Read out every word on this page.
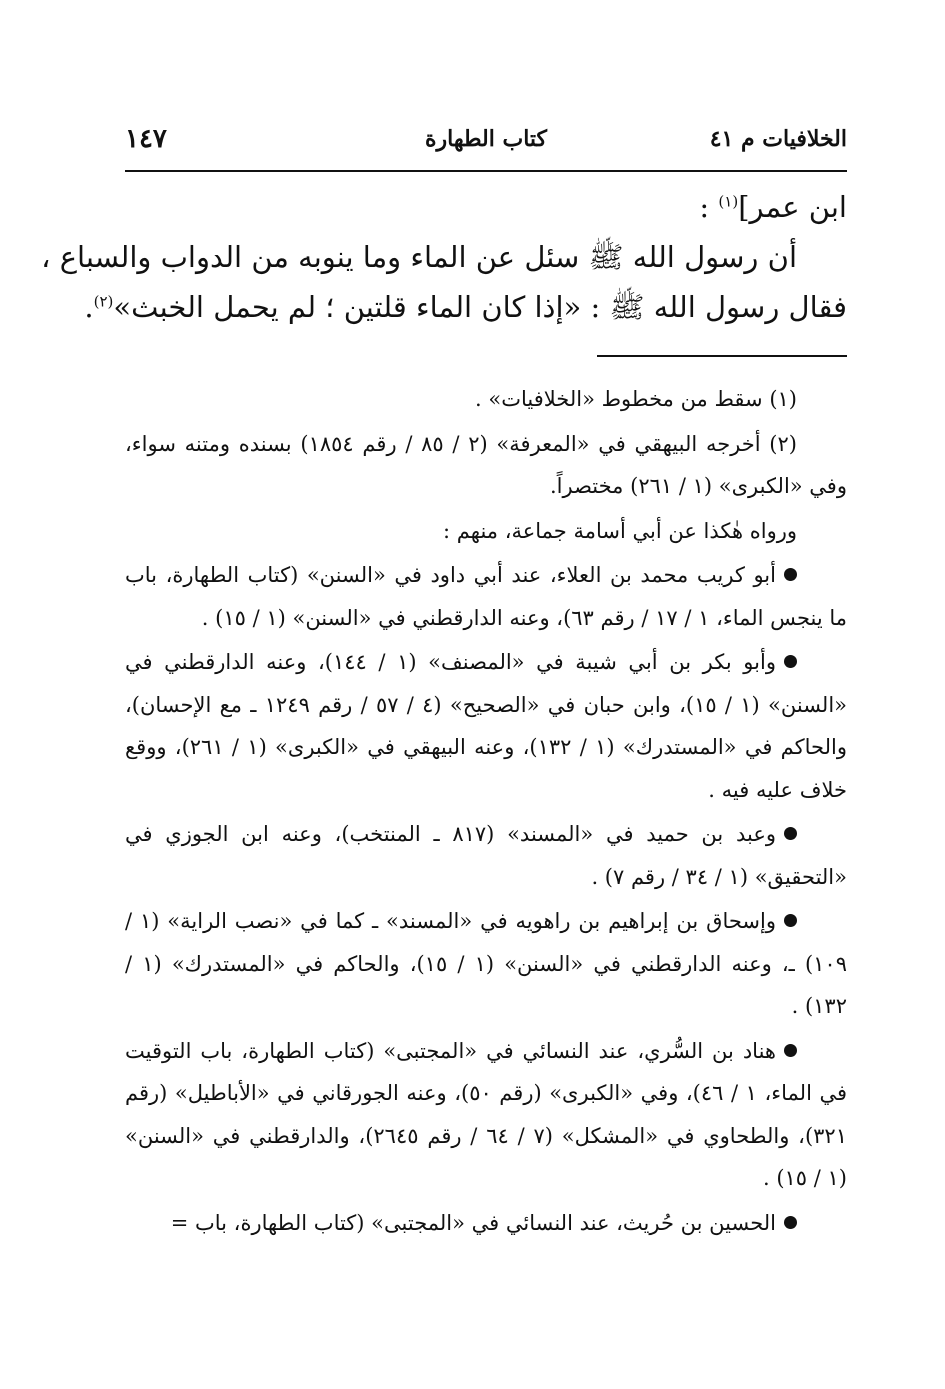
الخلافيات م ٤١
كتاب الطهارة
١٤٧
ابن عمر]$^{(١)}$ :
أن رسول الله ﷺ سئل عن الماء وما ينوبه من الدواب والسباع ،
فقال رسول الله ﷺ : «إذا كان الماء قلتين ؛ لم يحمل الخبث»$^{(٢)}$.

(١) سقط من مخطوط «الخلافيات» .

(٢) أخرجه البيهقي في «المعرفة» (٢ / ٨٥ / رقم ١٨٥٤) بسنده ومتنه سواء، وفي «الكبرى» (١ / ٢٦١) مختصراً.

ورواه هٰكذا عن أبي أسامة جماعة، منهم :

أبو كريب محمد بن العلاء، عند أبي داود في «السنن» (كتاب الطهارة، باب ما ينجس الماء، ١ / ١٧ / رقم ٦٣)، وعنه الدارقطني في «السنن» (١ / ١٥) .

وأبو بكر بن أبي شيبة في «المصنف» (١ / ١٤٤)، وعنه الدارقطني في «السنن» (١ / ١٥)، وابن حبان في «الصحيح» (٤ / ٥٧ / رقم ١٢٤٩ ـ مع الإحسان)، والحاكم في «المستدرك» (١ / ١٣٢)، وعنه البيهقي في «الكبرى» (١ / ٢٦١)، ووقع خلاف عليه فيه .

وعبد بن حميد في «المسند» (٨١٧ ـ المنتخب)، وعنه ابن الجوزي في «التحقيق» (١ / ٣٤ / رقم ٧) .

وإسحاق بن إبراهيم بن راهويه في «المسند» ـ كما في «نصب الراية» (١ / ١٠٩) ـ، وعنه الدارقطني في «السنن» (١ / ١٥)، والحاكم في «المستدرك» (١ / ١٣٢) .

هناد بن السُّري، عند النسائي في «المجتبى» (كتاب الطهارة، باب التوقيت في الماء، ١ / ٤٦)، وفي «الكبرى» (رقم ٥٠)، وعنه الجورقاني في «الأباطيل» (رقم ٣٢١)، والطحاوي في «المشكل» (٧ / ٦٤ / رقم ٢٦٤٥)، والدارقطني في «السنن» (١ / ١٥) .

الحسين بن حُريث، عند النسائي في «المجتبى» (كتاب الطهارة، باب =
